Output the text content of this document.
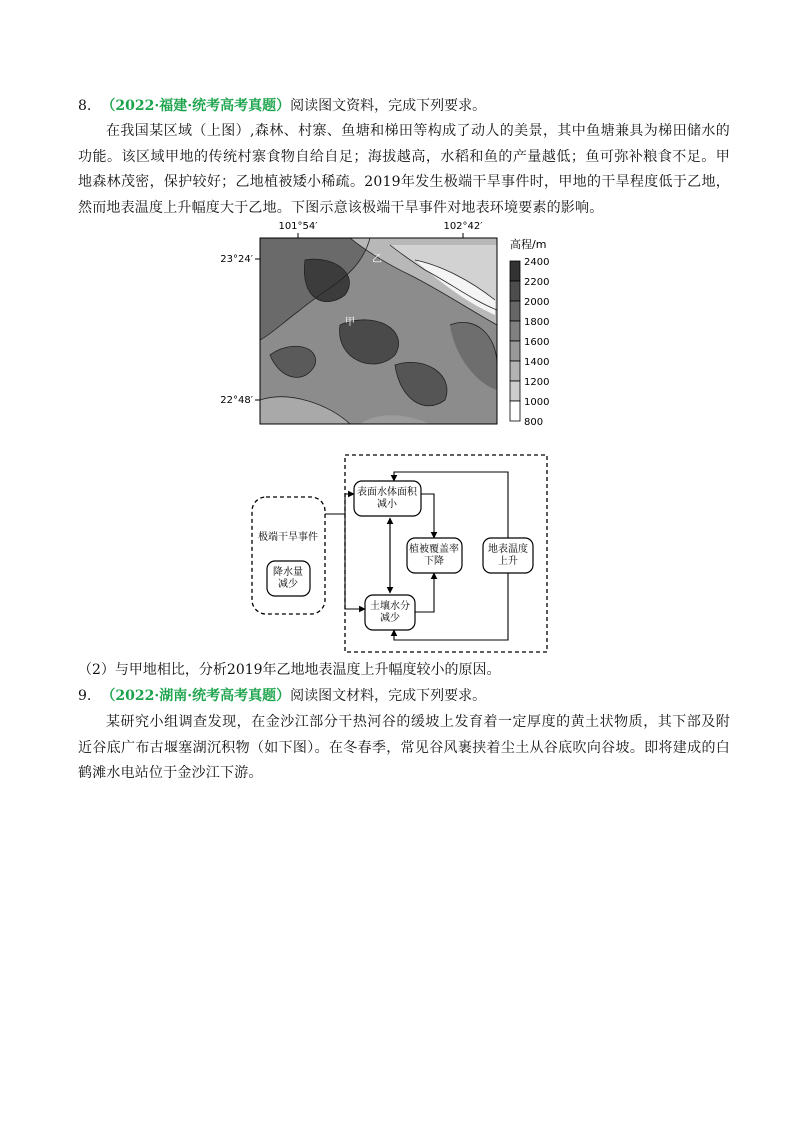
8. （2022·福建·统考高考真题）阅读图文资料，完成下列要求。
在我国某区域（上图）,森林、村寨、鱼塘和梯田等构成了动人的美景，其中鱼塘兼具为梯田储水的功能。该区域甲地的传统村寨食物自给自足；海拔越高，水稻和鱼的产量越低；鱼可弥补粮食不足。甲地森林茂密，保护较好；乙地植被矮小稀疏。2019年发生极端干旱事件时，甲地的干旱程度低于乙地，然而地表温度上升幅度大于乙地。下图示意该极端干旱事件对地表环境要素的影响。
101°54′	102°42′
23°24′
22°48′
甲
乙
高程/m
2400
2200
2000
1800
1600
1400
1200
1000
800
极端干旱事件
降水量减少
表面水体面积减小
土壤水分减少
植被覆盖率下降
地表温度上升
（2）与甲地相比，分析2019年乙地地表温度上升幅度较小的原因。
9. （2022·湖南·统考高考真题）阅读图文材料，完成下列要求。
某研究小组调查发现，在金沙江部分干热河谷的缓坡上发育着一定厚度的黄土状物质，其下部及附近谷底广布古堰塞湖沉积物（如下图）。在冬春季，常见谷风裹挟着尘土从谷底吹向谷坡。即将建成的白鹤滩水电站位于金沙江下游。
